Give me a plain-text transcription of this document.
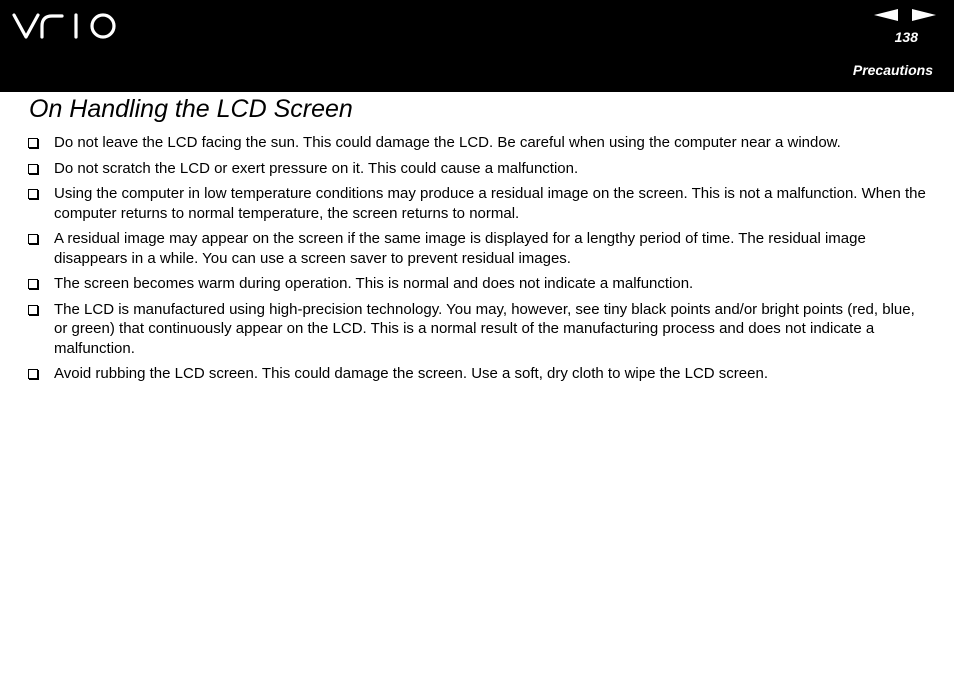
138
Precautions
On Handling the LCD Screen
Do not leave the LCD facing the sun. This could damage the LCD. Be careful when using the computer near a window.
Do not scratch the LCD or exert pressure on it. This could cause a malfunction.
Using the computer in low temperature conditions may produce a residual image on the screen. This is not a malfunction. When the computer returns to normal temperature, the screen returns to normal.
A residual image may appear on the screen if the same image is displayed for a lengthy period of time. The residual image disappears in a while. You can use a screen saver to prevent residual images.
The screen becomes warm during operation. This is normal and does not indicate a malfunction.
The LCD is manufactured using high-precision technology. You may, however, see tiny black points and/or bright points (red, blue, or green) that continuously appear on the LCD. This is a normal result of the manufacturing process and does not indicate a malfunction.
Avoid rubbing the LCD screen. This could damage the screen. Use a soft, dry cloth to wipe the LCD screen.
